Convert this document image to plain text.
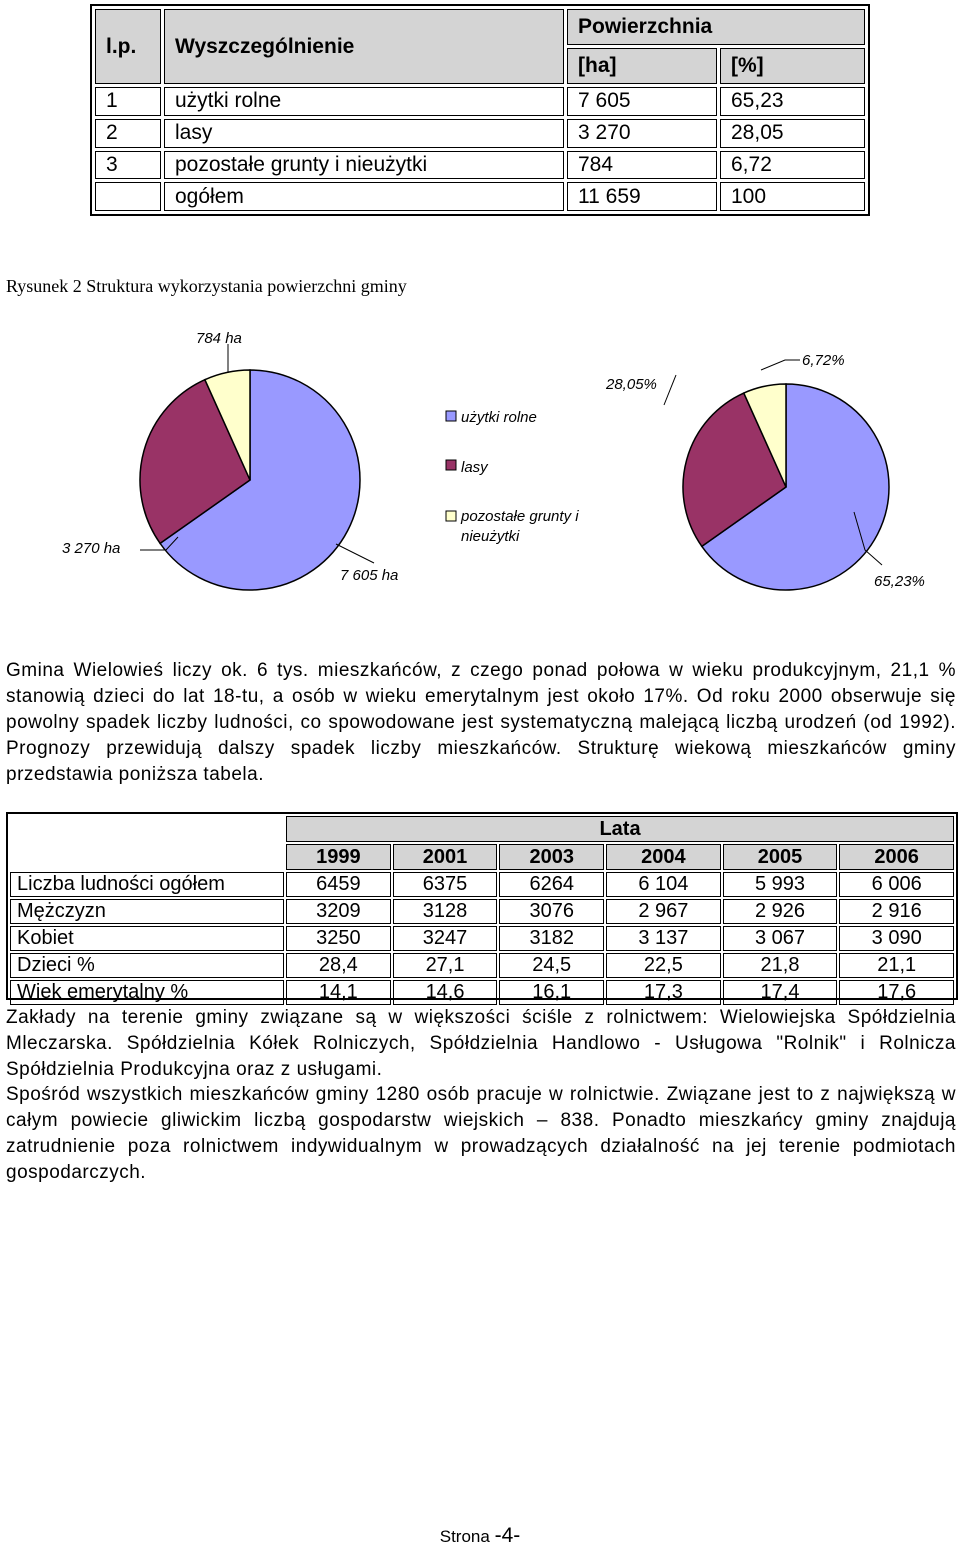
l.p.	Wyszczególnienie	Powierzchnia	
		[ha]	[%]
1	użytki rolne	7 605	65,23
2	lasy	3 270	28,05
3	pozostałe grunty i nieużytki	784	6,72
	ogółem	11 659	100
Rysunek 2 Struktura wykorzystania powierzchni gminy
użytki rolne
lasy
pozostałe grunty i
nieużytki
784 ha
3 270 ha
7 605 ha
28,05%
6,72%
65,23%
Gmina Wielowieś liczy ok. 6 tys. mieszkańców, z czego ponad połowa w wieku produkcyjnym, 21,1 % stanowią dzieci do lat 18-tu, a osób w wieku emerytalnym jest około 17%. Od roku 2000 obserwuje się powolny spadek liczby ludności, co spowodowane jest systematyczną malejącą liczbą urodzeń (od 1992). Prognozy przewidują dalszy spadek liczby mieszkańców. Strukturę wiekową mieszkańców gminy przedstawia poniższa tabela.
	Lata					
	1999	2001	2003	2004	2005	2006
Liczba ludności ogółem	6459	6375	6264	6 104	5 993	6 006
Mężczyzn	3209	3128	3076	2 967	2 926	2 916
Kobiet	3250	3247	3182	3 137	3 067	3 090
Dzieci %	28,4	27,1	24,5	22,5	21,8	21,1
Wiek emerytalny %	14,1	14,6	16,1	17,3	17,4	17,6
Zakłady na terenie gminy związane są w większości ściśle z rolnictwem: Wielowiejska Spółdzielnia Mleczarska. Spółdzielnia Kółek Rolniczych, Spółdzielnia Handlowo - Usługowa "Rolnik" i Rolnicza Spółdzielnia Produkcyjna oraz z usługami.
Spośród wszystkich mieszkańców gminy 1280 osób pracuje w rolnictwie. Związane jest to z największą w całym powiecie gliwickim liczbą gospodarstw wiejskich – 838. Ponadto mieszkańcy gminy znajdują zatrudnienie poza rolnictwem indywidualnym w prowadzących działalność na jej terenie podmiotach gospodarczych.
Strona -4-
